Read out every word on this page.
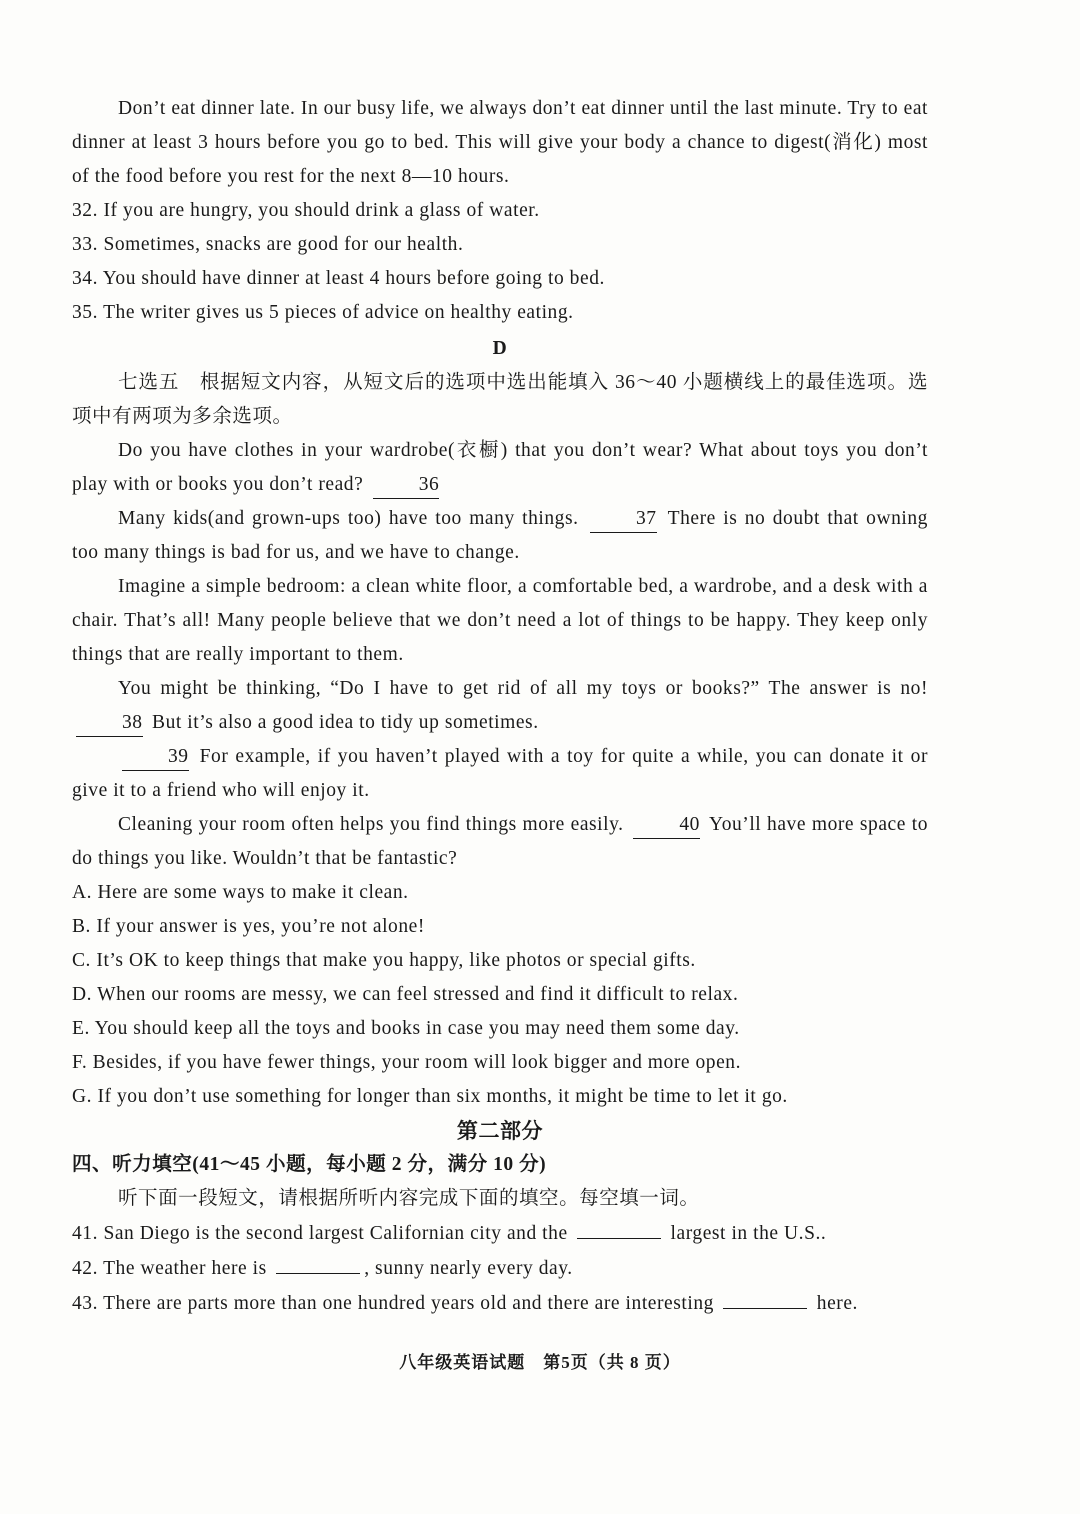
Don’t eat dinner late. In our busy life, we always don’t eat dinner until the last minute. Try to eat dinner at least 3 hours before you go to bed. This will give your body a chance to digest(消化) most of the food before you rest for the next 8—10 hours.

32. If you are hungry, you should drink a glass of water.

33. Sometimes, snacks are good for our health.

34. You should have dinner at least 4 hours before going to bed.

35. The writer gives us 5 pieces of advice on healthy eating.

D

七选五　根据短文内容，从短文后的选项中选出能填入 36～40 小题横线上的最佳选项。选项中有两项为多余选项。

Do you have clothes in your wardrobe(衣橱) that you don’t wear? What about toys you don’t play with or books you don’t read?	36

Many kids(and grown-ups too) have too many things.	37 There is no doubt that owning too many things is bad for us, and we have to change.

Imagine a simple bedroom: a clean white floor, a comfortable bed, a wardrobe, and a desk with a chair. That’s all! Many people believe that we don’t need a lot of things to be happy. They keep only things that are really important to them.

You might be thinking, “Do I have to get rid of all my toys or books?” The answer is no! 38 But it’s also a good idea to tidy up sometimes.

39 For example, if you haven’t played with a toy for quite a while, you can donate it or give it to a friend who will enjoy it.

Cleaning your room often helps you find things more easily.	40 You’ll have more space to do things you like. Wouldn’t that be fantastic?

A. Here are some ways to make it clean.

B. If your answer is yes, you’re not alone!

C. It’s OK to keep things that make you happy, like photos or special gifts.

D. When our rooms are messy, we can feel stressed and find it difficult to relax.

E. You should keep all the toys and books in case you may need them some day.

F. Besides, if you have fewer things, your room will look bigger and more open.

G. If you don’t use something for longer than six months, it might be time to let it go.

第二部分

四、听力填空(41～45 小题，每小题 2 分，满分 10 分)

听下面一段短文，请根据所听内容完成下面的填空。每空填一词。

41. San Diego is the second largest Californian city and the	largest in the U.S..

42. The weather here is	, sunny nearly every day.

43. There are parts more than one hundred years old and there are interesting	here.

八年级英语试题　第5页（共 8 页）
